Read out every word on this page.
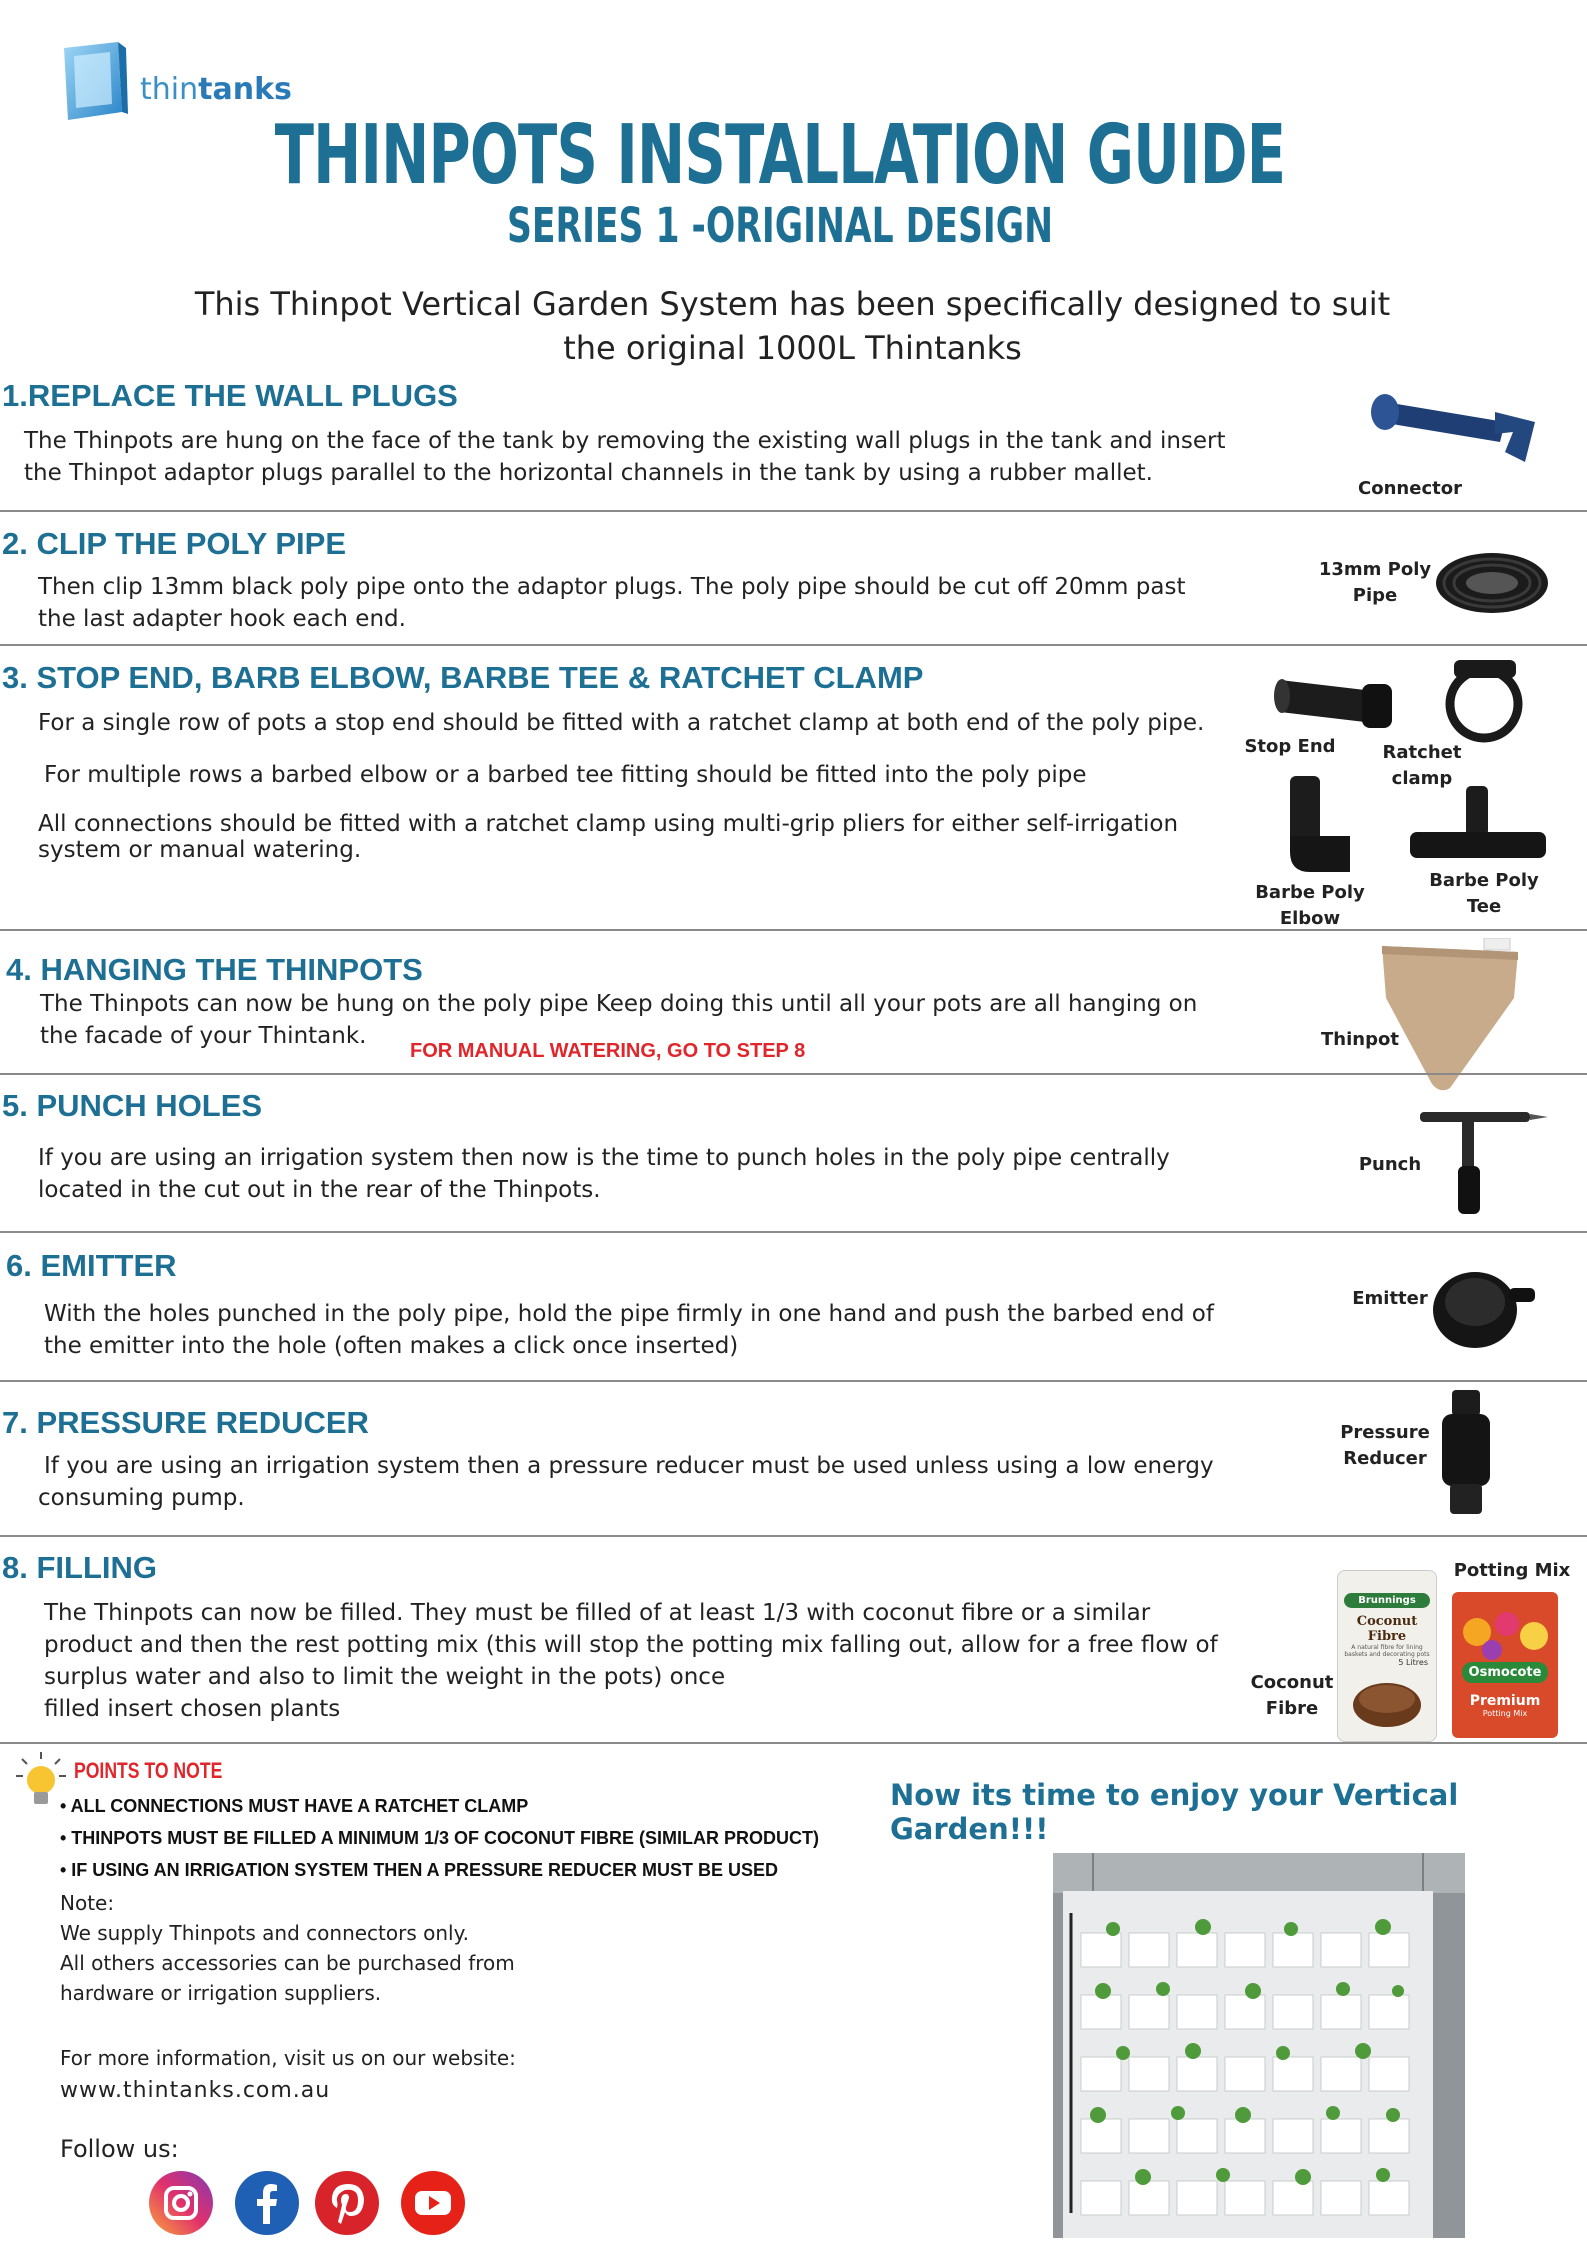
thintanks
THINPOTS INSTALLATION GUIDE
SERIES 1 -ORIGINAL DESIGN
This Thinpot Vertical Garden System has been specifically designed to suit
the original 1000L Thintanks
1.REPLACE THE WALL PLUGS
The Thinpots are hung on the face of the tank by removing the existing wall plugs in the tank and insert
the Thinpot adaptor plugs parallel to the horizontal channels in the tank by using a rubber mallet.
Connector
2. CLIP THE POLY PIPE
Then clip 13mm black poly pipe onto the adaptor plugs. The poly pipe should be cut off 20mm past
the last adapter hook each end.
13mm Poly
Pipe
3. STOP END, BARB ELBOW, BARBE TEE & RATCHET CLAMP
For a single row of pots a stop end should be fitted with a ratchet clamp at both end of the poly pipe.
For multiple rows a barbed elbow or a barbed tee fitting should be fitted into the poly pipe
All connections should be fitted with a ratchet clamp using multi-grip pliers for either self-irrigation
system or manual watering.
Stop End	Ratchet
clamp
Barbe Poly
Elbow
Barbe Poly
Tee
4. HANGING THE THINPOTS
The Thinpots can now be hung on the poly pipe Keep doing this until all your pots are all hanging on
the facade of your Thintank.
FOR MANUAL WATERING, GO TO STEP 8
Thinpot
5. PUNCH HOLES
If you are using an irrigation system then now is the time to punch holes in the poly pipe centrally
located in the cut out in the rear of the Thinpots.
Punch
6. EMITTER
With the holes punched in the poly pipe, hold the pipe firmly in one hand and push the barbed end of
the emitter into the hole (often makes a click once inserted)
Emitter
7. PRESSURE REDUCER
If you are using an irrigation system then a pressure reducer must be used unless using a low energy
consuming pump.
Pressure
Reducer
8. FILLING
The Thinpots can now be filled. They must be filled of at least 1/3 with coconut fibre or a similar
product and then the rest potting mix (this will stop the potting mix falling out, allow for a free flow of
surplus water and also to limit the weight in the pots) once
filled insert chosen plants
Potting Mix
Coconut
Fibre
Brunnings
Coconut Fibre
A natural fibre for lining
baskets and decorating pots
5 Litres
Osmocote
Premium
Potting Mix
POINTS TO NOTE
• ALL CONNECTIONS MUST HAVE A RATCHET CLAMP
• THINPOTS MUST BE FILLED A MINIMUM 1/3 OF COCONUT FIBRE (SIMILAR PRODUCT)
• IF USING AN IRRIGATION SYSTEM THEN A PRESSURE REDUCER MUST BE USED
Note:
We supply Thinpots and connectors only.
All others accessories can be purchased from
hardware or irrigation suppliers.
For more information, visit us on our website:
www.thintanks.com.au
Follow us:
Now its time to enjoy your Vertical Garden!!!
